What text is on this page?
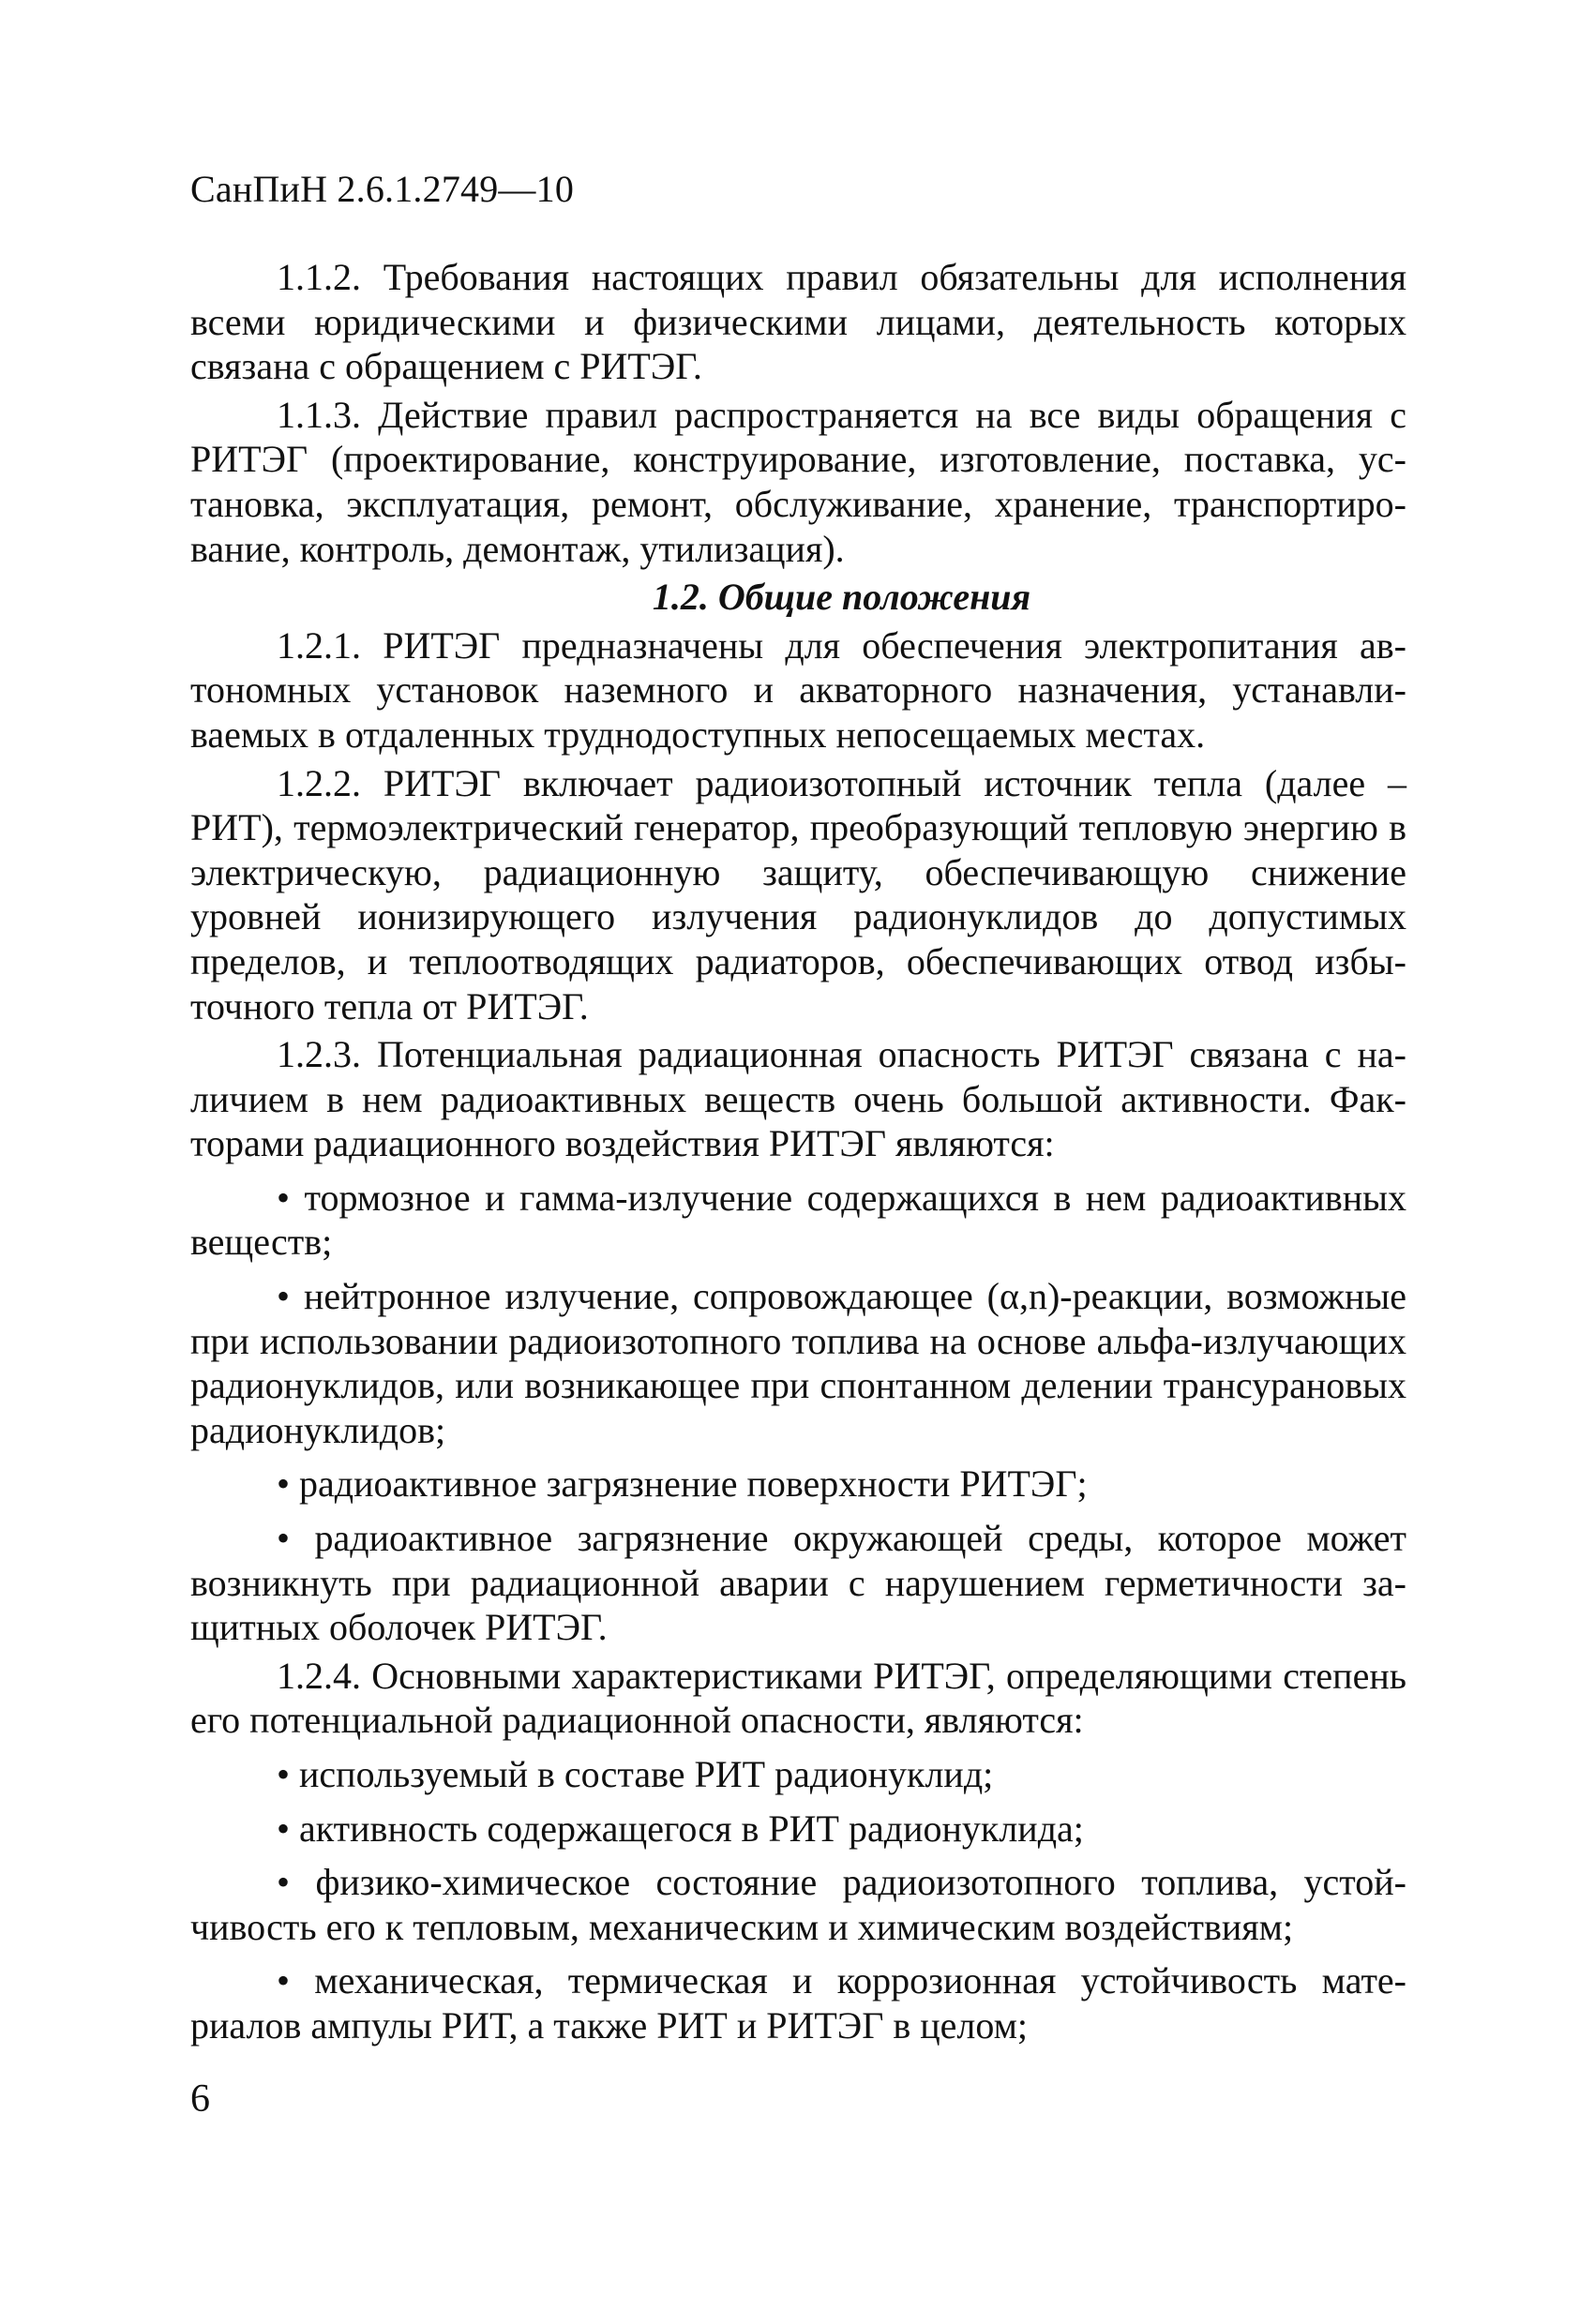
СанПиН 2.6.1.2749—10

1.1.2. Требования настоящих правил обязательны для исполнения всеми юридическими и физическими лицами, деятельность которых связана с обращением с РИТЭГ.

1.1.3. Действие правил распространяется на все виды обращения с РИТЭГ (проектирование, конструирование, изготовление, поставка, установка, эксплуатация, ремонт, обслуживание, хранение, транспортирование, контроль, демонтаж, утилизация).

1.2. Общие положения

1.2.1. РИТЭГ предназначены для обеспечения электропитания автономных установок наземного и акваторного назначения, устанавливаемых в отдаленных труднодоступных непосещаемых местах.

1.2.2. РИТЭГ включает радиоизотопный источник тепла (далее – РИТ), термоэлектрический генератор, преобразующий тепловую энергию в электрическую, радиационную защиту, обеспечивающую снижение уровней ионизирующего излучения радионуклидов до допустимых пределов, и теплоотводящих радиаторов, обеспечивающих отвод избыточного тепла от РИТЭГ.

1.2.3. Потенциальная радиационная опасность РИТЭГ связана с наличием в нем радиоактивных веществ очень большой активности. Факторами радиационного воздействия РИТЭГ являются:

• тормозное и гамма-излучение содержащихся в нем радиоактивных веществ;

• нейтронное излучение, сопровождающее (α,n)-реакции, возможные при использовании радиоизотопного топлива на основе альфа-излучающих радионуклидов, или возникающее при спонтанном делении трансурановых радионуклидов;

• радиоактивное загрязнение поверхности РИТЭГ;

• радиоактивное загрязнение окружающей среды, которое может возникнуть при радиационной аварии с нарушением герметичности защитных оболочек РИТЭГ.

1.2.4. Основными характеристиками РИТЭГ, определяющими степень его потенциальной радиационной опасности, являются:

• используемый в составе РИТ радионуклид;

• активность содержащегося в РИТ радионуклида;

• физико-химическое состояние радиоизотопного топлива, устойчивость его к тепловым, механическим и химическим воздействиям;

• механическая, термическая и коррозионная устойчивость материалов ампулы РИТ, а также РИТ и РИТЭГ в целом;

6
